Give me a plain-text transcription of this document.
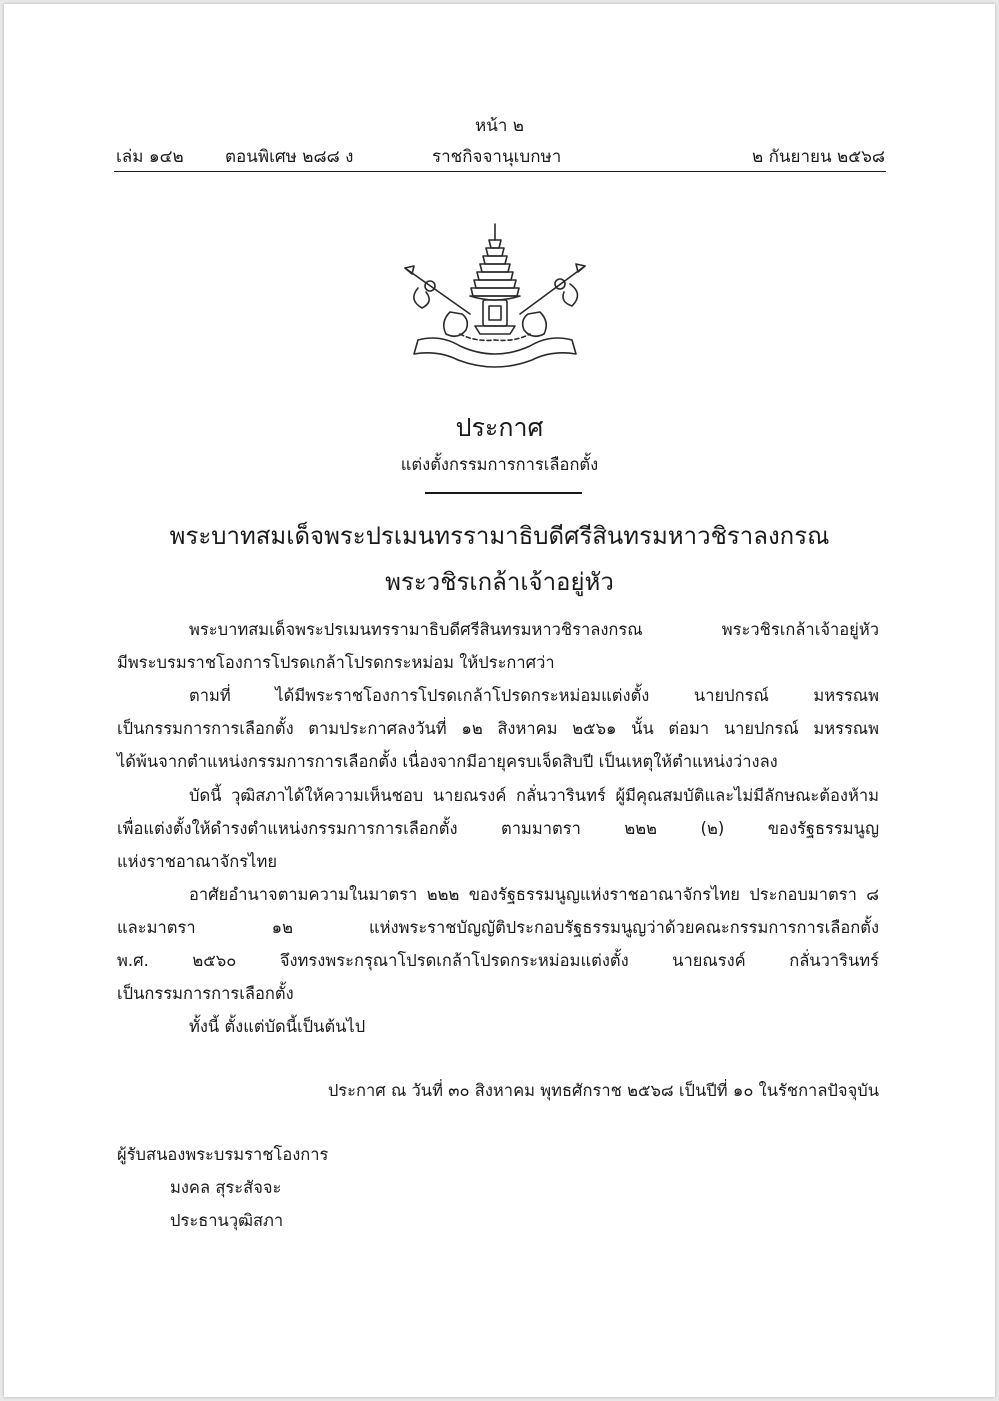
หน้า ๒
เล่ม ๑๔๒ ตอนพิเศษ ๒๘๘ ง	ราชกิจจานุเบกษา	๒ กันยายน ๒๕๖๘
ประกาศ
แต่งตั้งกรรมการการเลือกตั้ง
พระบาทสมเด็จพระปรเมนทรรามาธิบดีศรีสินทรมหาวชิราลงกรณ
พระวชิรเกล้าเจ้าอยู่หัว
พระบาทสมเด็จพระปรเมนทรรามาธิบดีศรีสินทรมหาวชิราลงกรณ พระวชิรเกล้าเจ้าอยู่หัว
มีพระบรมราชโองการโปรดเกล้าโปรดกระหม่อม ให้ประกาศว่า
ตามที่ ได้มีพระราชโองการโปรดเกล้าโปรดกระหม่อมแต่งตั้ง นายปกรณ์ มหรรณพ
เป็นกรรมการการเลือกตั้ง ตามประกาศลงวันที่ ๑๒ สิงหาคม ๒๕๖๑ นั้น ต่อมา นายปกรณ์ มหรรณพ
ได้พ้นจากตำแหน่งกรรมการการเลือกตั้ง เนื่องจากมีอายุครบเจ็ดสิบปี เป็นเหตุให้ตำแหน่งว่างลง
บัดนี้ วุฒิสภาได้ให้ความเห็นชอบ นายณรงค์ กลั่นวารินทร์ ผู้มีคุณสมบัติและไม่มีลักษณะต้องห้าม
เพื่อแต่งตั้งให้ดำรงตำแหน่งกรรมการการเลือกตั้ง ตามมาตรา ๒๒๒ (๒) ของรัฐธรรมนูญ
แห่งราชอาณาจักรไทย
อาศัยอำนาจตามความในมาตรา ๒๒๒ ของรัฐธรรมนูญแห่งราชอาณาจักรไทย ประกอบมาตรา ๘
และมาตรา ๑๒ แห่งพระราชบัญญัติประกอบรัฐธรรมนูญว่าด้วยคณะกรรมการการเลือกตั้ง
พ.ศ. ๒๕๖๐ จึงทรงพระกรุณาโปรดเกล้าโปรดกระหม่อมแต่งตั้ง นายณรงค์ กลั่นวารินทร์
เป็นกรรมการการเลือกตั้ง
ทั้งนี้ ตั้งแต่บัดนี้เป็นต้นไป
ประกาศ ณ วันที่ ๓๐ สิงหาคม พุทธศักราช ๒๕๖๘ เป็นปีที่ ๑๐ ในรัชกาลปัจจุบัน
ผู้รับสนองพระบรมราชโองการ
มงคล สุระสัจจะ
ประธานวุฒิสภา
